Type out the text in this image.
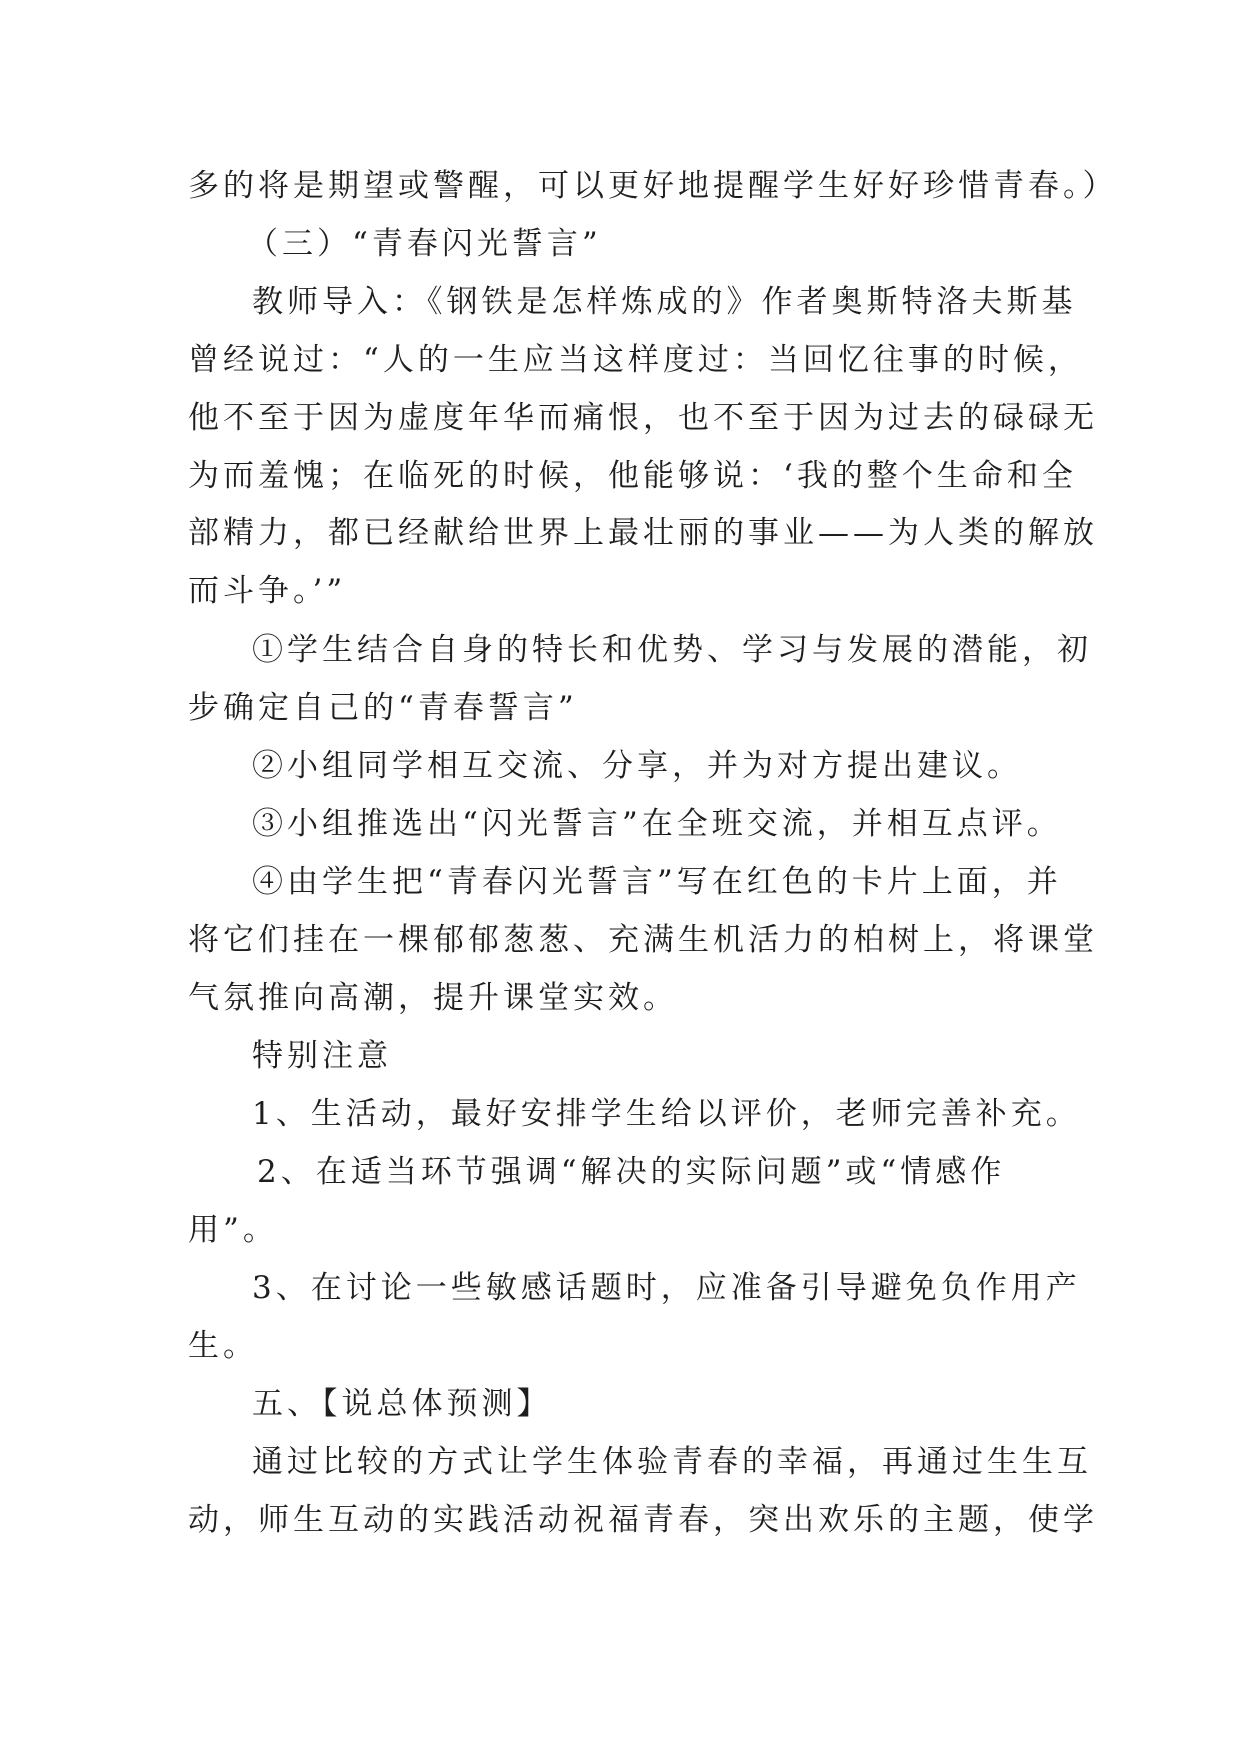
多的将是期望或警醒，可以更好地提醒学生好好珍惜青春。）
（三）“青春闪光誓言”
教师导入：《钢铁是怎样炼成的》作者奥斯特洛夫斯基
曾经说过：“人的一生应当这样度过：当回忆往事的时候，
他不至于因为虚度年华而痛恨，也不至于因为过去的碌碌无
为而羞愧；在临死的时候，他能够说：‘我的整个生命和全
部精力，都已经献给世界上最壮丽的事业——为人类的解放
而斗争。’”
①学生结合自身的特长和优势、学习与发展的潜能，初
步确定自己的“青春誓言”
②小组同学相互交流、分享，并为对方提出建议。
③小组推选出“闪光誓言”在全班交流，并相互点评。
④由学生把“青春闪光誓言”写在红色的卡片上面，并
将它们挂在一棵郁郁葱葱、充满生机活力的柏树上，将课堂
气氛推向高潮，提升课堂实效。
特别注意
1、生活动，最好安排学生给以评价，老师完善补充。
2、在适当环节强调“解决的实际问题”或“情感作
用”。
3、在讨论一些敏感话题时，应准备引导避免负作用产
生。
五、【说总体预测】
通过比较的方式让学生体验青春的幸福，再通过生生互
动，师生互动的实践活动祝福青春，突出欢乐的主题，使学
